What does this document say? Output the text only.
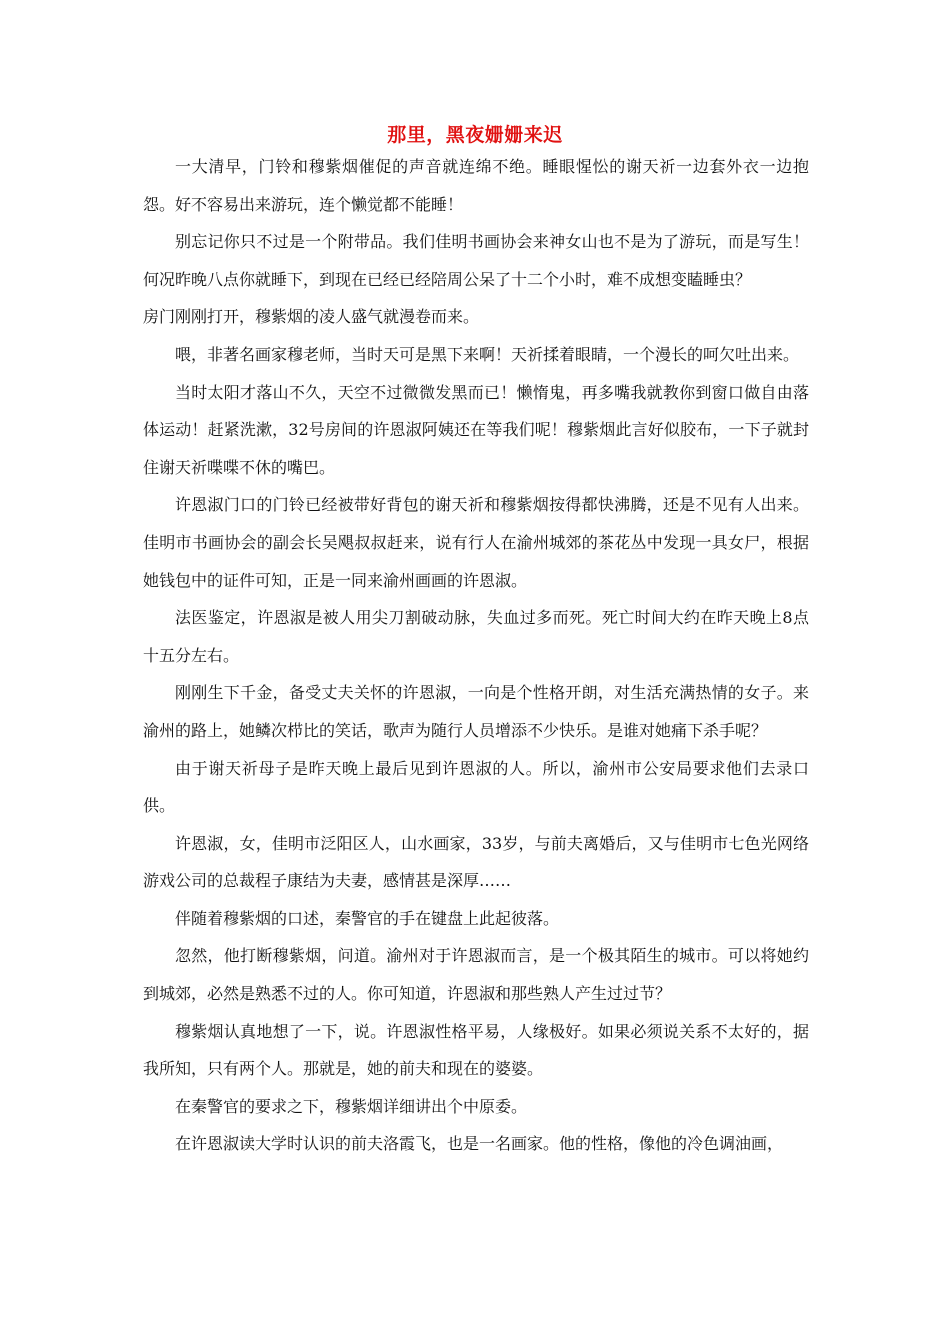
那里，黑夜姗姗来迟

一大清早，门铃和穆紫烟催促的声音就连绵不绝。睡眼惺忪的谢天祈一边套外衣一边抱怨。好不容易出来游玩，连个懒觉都不能睡！

别忘记你只不过是一个附带品。我们佳明书画协会来神女山也不是为了游玩，而是写生！何况昨晚八点你就睡下，到现在已经已经陪周公呆了十二个小时，难不成想变瞌睡虫？

房门刚刚打开，穆紫烟的凌人盛气就漫卷而来。

喂，非著名画家穆老师，当时天可是黑下来啊！天祈揉着眼睛，一个漫长的呵欠吐出来。

当时太阳才落山不久，天空不过微微发黑而已！懒惰鬼，再多嘴我就教你到窗口做自由落体运动！赶紧洗漱，32号房间的许恩淑阿姨还在等我们呢！穆紫烟此言好似胶布，一下子就封住谢天祈喋喋不休的嘴巴。

许恩淑门口的门铃已经被带好背包的谢天祈和穆紫烟按得都快沸腾，还是不见有人出来。佳明市书画协会的副会长吴飓叔叔赶来，说有行人在渝州城郊的茶花丛中发现一具女尸，根据她钱包中的证件可知，正是一同来渝州画画的许恩淑。

法医鉴定，许恩淑是被人用尖刀割破动脉，失血过多而死。死亡时间大约在昨天晚上8点十五分左右。

刚刚生下千金，备受丈夫关怀的许恩淑，一向是个性格开朗，对生活充满热情的女子。来渝州的路上，她鳞次栉比的笑话，歌声为随行人员增添不少快乐。是谁对她痛下杀手呢？

由于谢天祈母子是昨天晚上最后见到许恩淑的人。所以，渝州市公安局要求他们去录口供。

许恩淑，女，佳明市泛阳区人，山水画家，33岁，与前夫离婚后，又与佳明市七色光网络游戏公司的总裁程子康结为夫妻，感情甚是深厚……

伴随着穆紫烟的口述，秦警官的手在键盘上此起彼落。

忽然，他打断穆紫烟，问道。渝州对于许恩淑而言，是一个极其陌生的城市。可以将她约到城郊，必然是熟悉不过的人。你可知道，许恩淑和那些熟人产生过过节？

穆紫烟认真地想了一下，说。许恩淑性格平易，人缘极好。如果必须说关系不太好的，据我所知，只有两个人。那就是，她的前夫和现在的婆婆。

在秦警官的要求之下，穆紫烟详细讲出个中原委。

在许恩淑读大学时认识的前夫洛霞飞，也是一名画家。他的性格，像他的冷色调油画，
